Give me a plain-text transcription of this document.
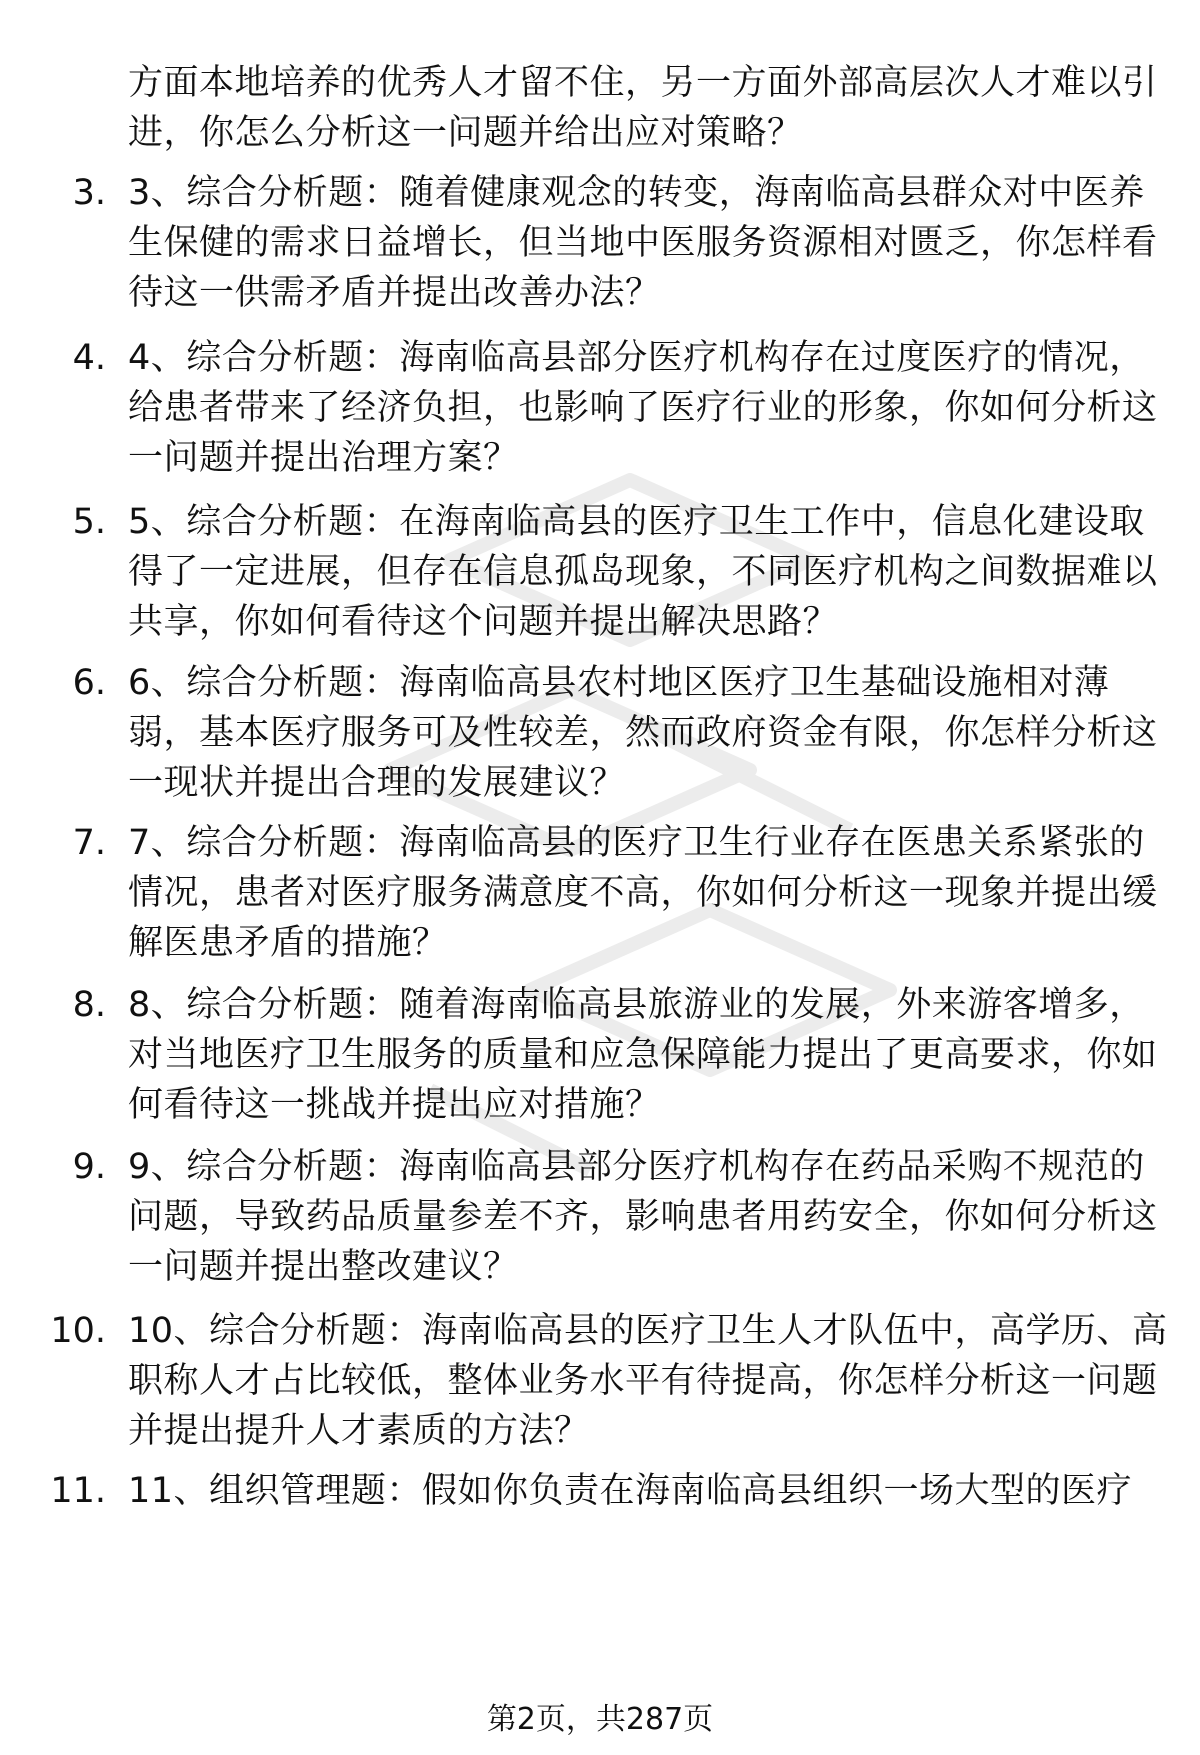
方面本地培养的优秀人才留不住，另一方面外部高层次人才难以引进，你怎么分析这一问题并给出应对策略？
3. 3、综合分析题：随着健康观念的转变，海南临高县群众对中医养生保健的需求日益增长，但当地中医服务资源相对匮乏，你怎样看待这一供需矛盾并提出改善办法？
4. 4、综合分析题：海南临高县部分医疗机构存在过度医疗的情况，给患者带来了经济负担，也影响了医疗行业的形象，你如何分析这一问题并提出治理方案？
5. 5、综合分析题：在海南临高县的医疗卫生工作中，信息化建设取得了一定进展，但存在信息孤岛现象，不同医疗机构之间数据难以共享，你如何看待这个问题并提出解决思路？
6. 6、综合分析题：海南临高县农村地区医疗卫生基础设施相对薄弱，基本医疗服务可及性较差，然而政府资金有限，你怎样分析这一现状并提出合理的发展建议？
7. 7、综合分析题：海南临高县的医疗卫生行业存在医患关系紧张的情况，患者对医疗服务满意度不高，你如何分析这一现象并提出缓解医患矛盾的措施？
8. 8、综合分析题：随着海南临高县旅游业的发展，外来游客增多，对当地医疗卫生服务的质量和应急保障能力提出了更高要求，你如何看待这一挑战并提出应对措施？
9. 9、综合分析题：海南临高县部分医疗机构存在药品采购不规范的问题，导致药品质量参差不齐，影响患者用药安全，你如何分析这一问题并提出整改建议？
10. 10、综合分析题：海南临高县的医疗卫生人才队伍中，高学历、高职称人才占比较低，整体业务水平有待提高，你怎样分析这一问题并提出提升人才素质的方法？
11. 11、组织管理题：假如你负责在海南临高县组织一场大型的医疗
第2页，共287页
